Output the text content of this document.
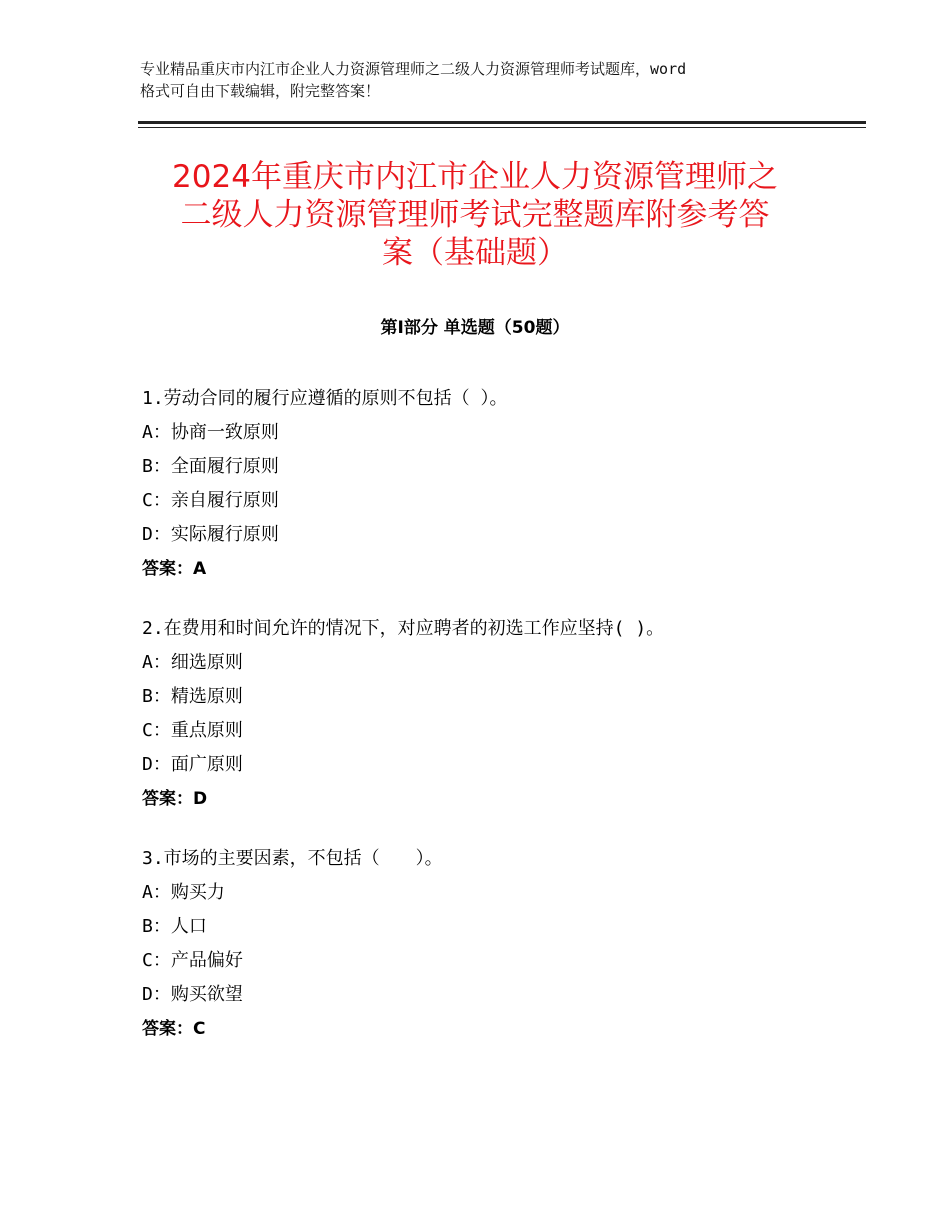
专业精品重庆市内江市企业人力资源管理师之二级人力资源管理师考试题库，word
格式可自由下载编辑，附完整答案！
2024年重庆市内江市企业人力资源管理师之
二级人力资源管理师考试完整题库附参考答
案（基础题）
第Ⅰ部分 单选题（50题）
1.劳动合同的履行应遵循的原则不包括（ ）。
A：协商一致原则
B：全面履行原则
C：亲自履行原则
D：实际履行原则
答案：A
2.在费用和时间允许的情况下，对应聘者的初选工作应坚持( )。
A：细选原则
B：精选原则
C：重点原则
D：面广原则
答案：D
3.市场的主要因素，不包括（　　）。
A：购买力
B：人口
C：产品偏好
D：购买欲望
答案：C
